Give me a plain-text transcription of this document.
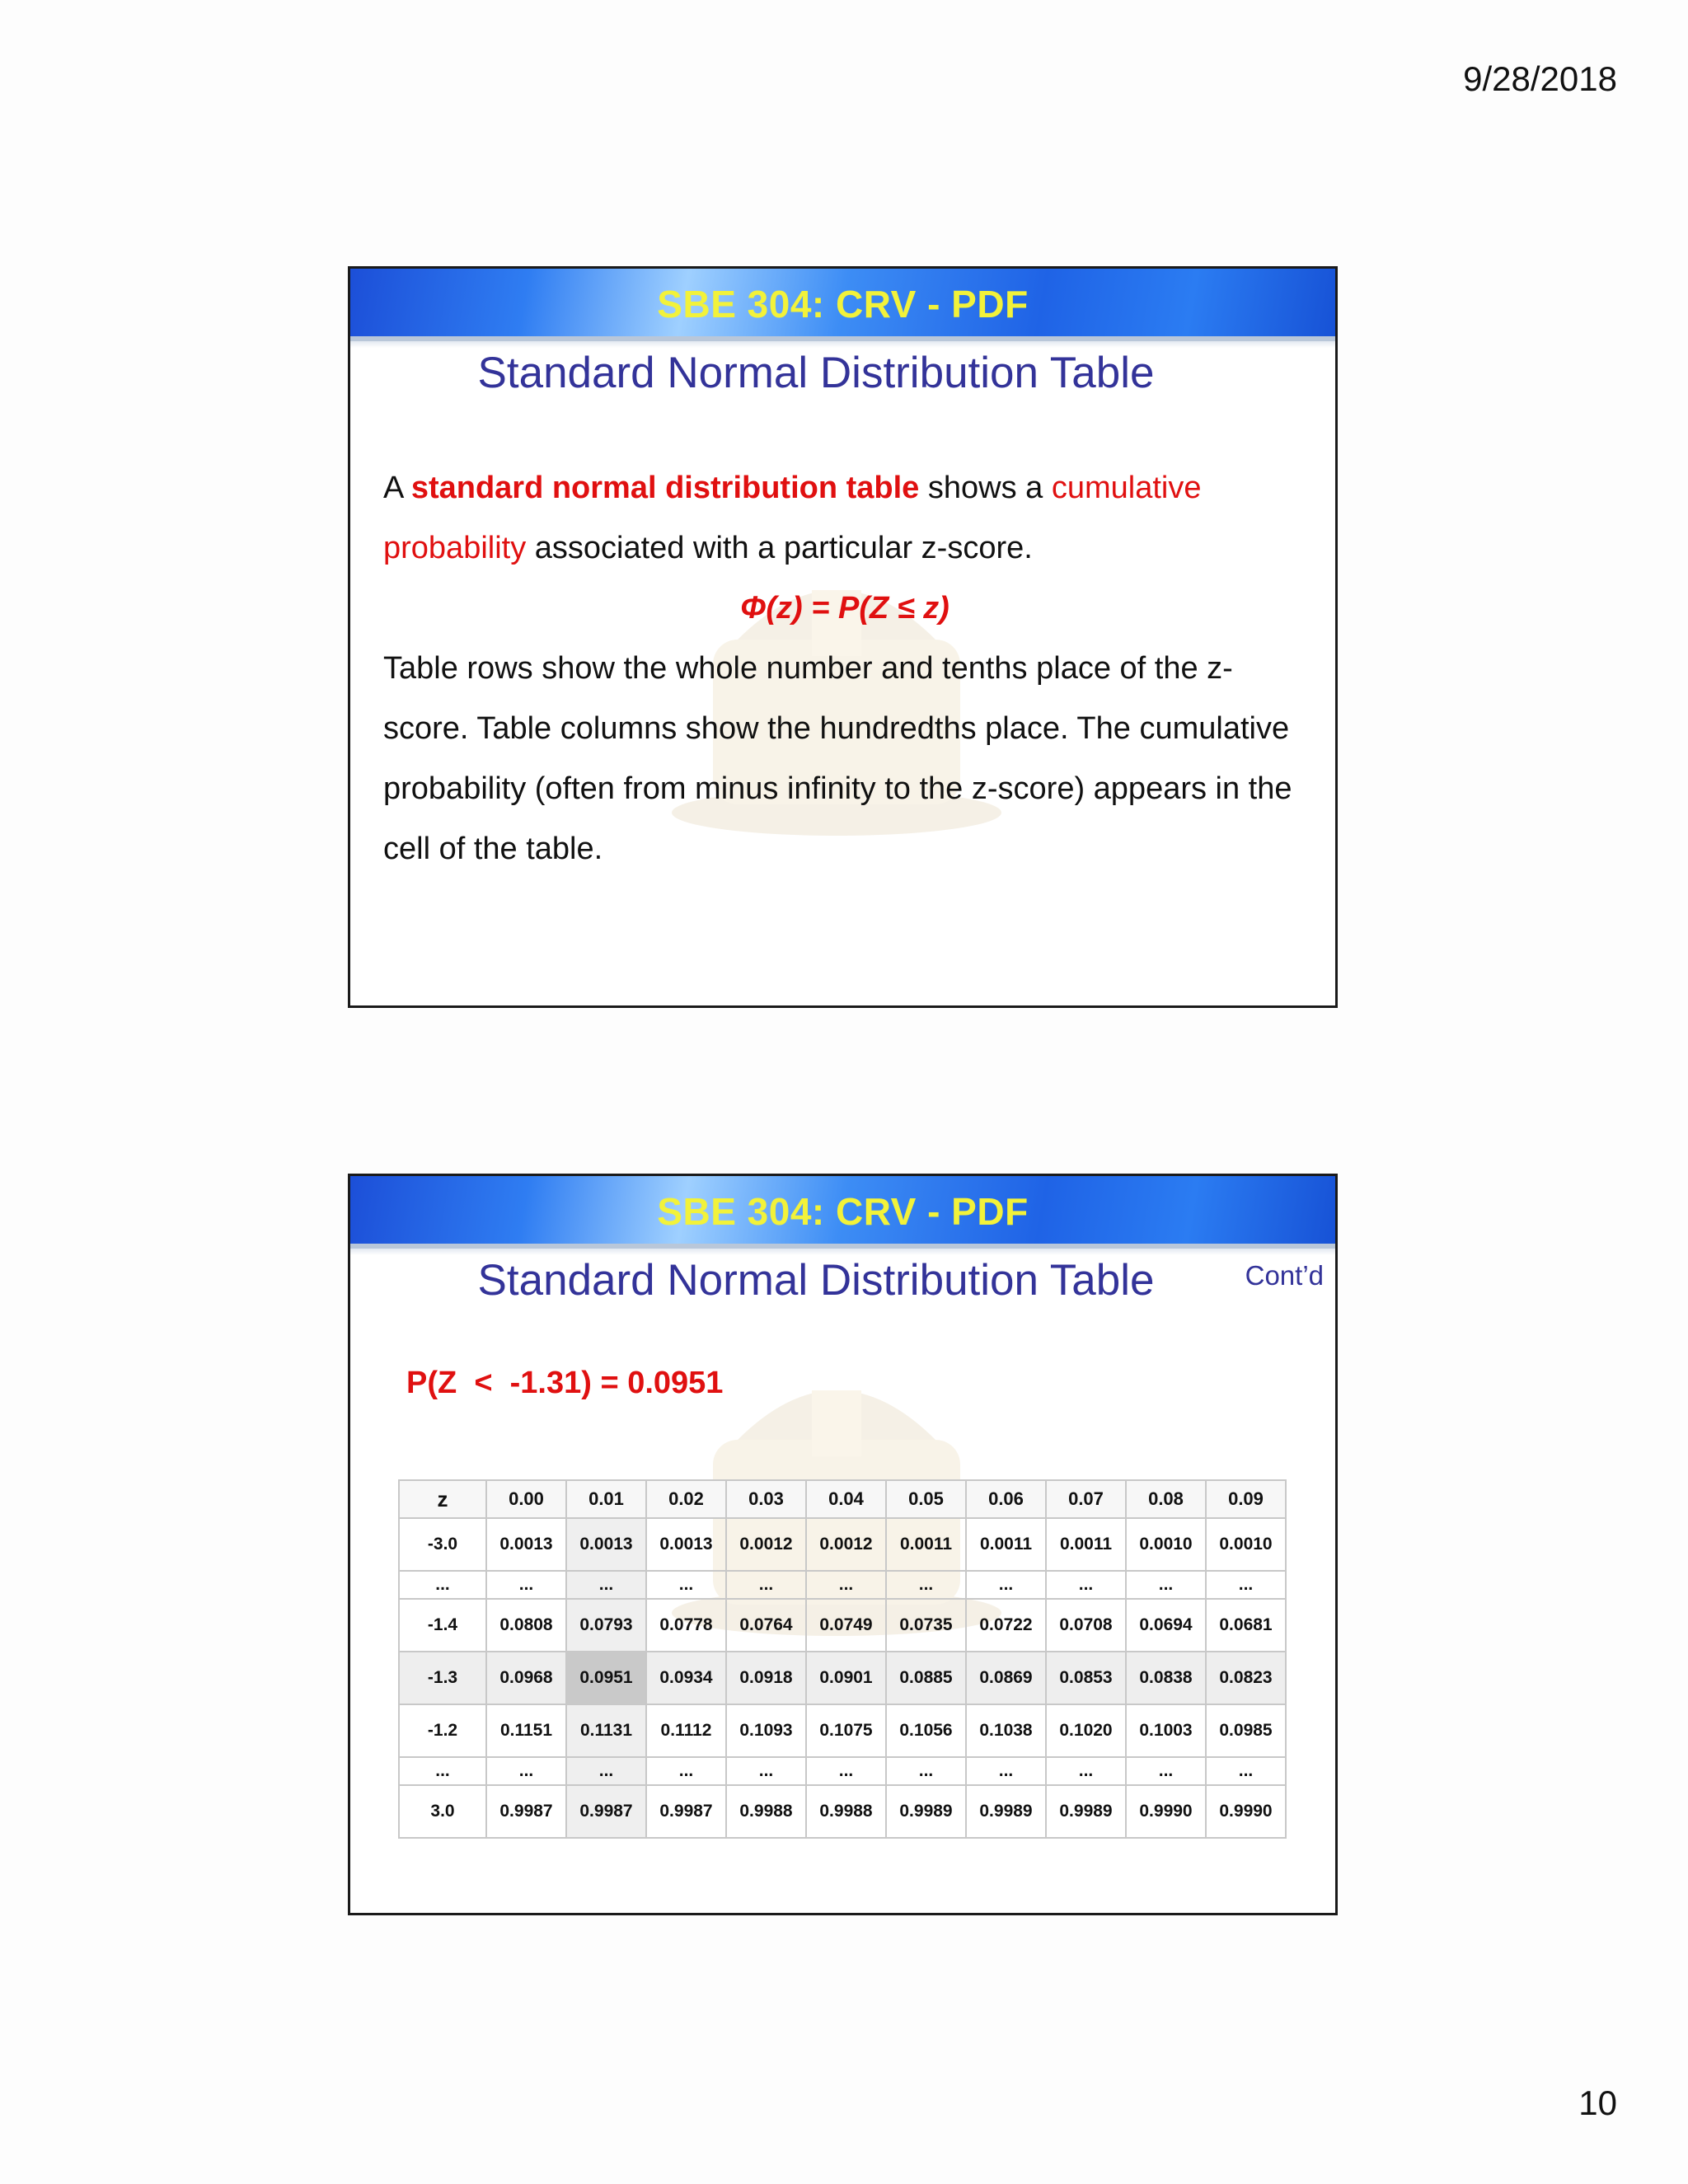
9/28/2018
SBE 304: CRV - PDF
Standard Normal Distribution Table
A standard normal distribution table shows a cumulative probability associated with a particular z-score.
Φ(z) = P(Z ≤ z)
Table rows show the whole number and tenths place of the z-score. Table columns show the hundredths place. The cumulative probability (often from minus infinity to the z-score) appears in the cell of the table.
SBE 304: CRV - PDF
Standard Normal Distribution Table	Cont’d
P(Z  <  -1.31) = 0.0951
z	0.00	0.01	0.02	0.03	0.04	0.05	0.06	0.07	0.08	0.09
-3.0	0.0013	0.0013	0.0013	0.0012	0.0012	0.0011	0.0011	0.0011	0.0010	0.0010
...	...	...	...	...	...	...	...	...	...	...
-1.4	0.0808	0.0793	0.0778	0.0764	0.0749	0.0735	0.0722	0.0708	0.0694	0.0681
-1.3	0.0968	0.0951	0.0934	0.0918	0.0901	0.0885	0.0869	0.0853	0.0838	0.0823
-1.2	0.1151	0.1131	0.1112	0.1093	0.1075	0.1056	0.1038	0.1020	0.1003	0.0985
...	...	...	...	...	...	...	...	...	...	...
3.0	0.9987	0.9987	0.9987	0.9988	0.9988	0.9989	0.9989	0.9989	0.9990	0.9990
10
